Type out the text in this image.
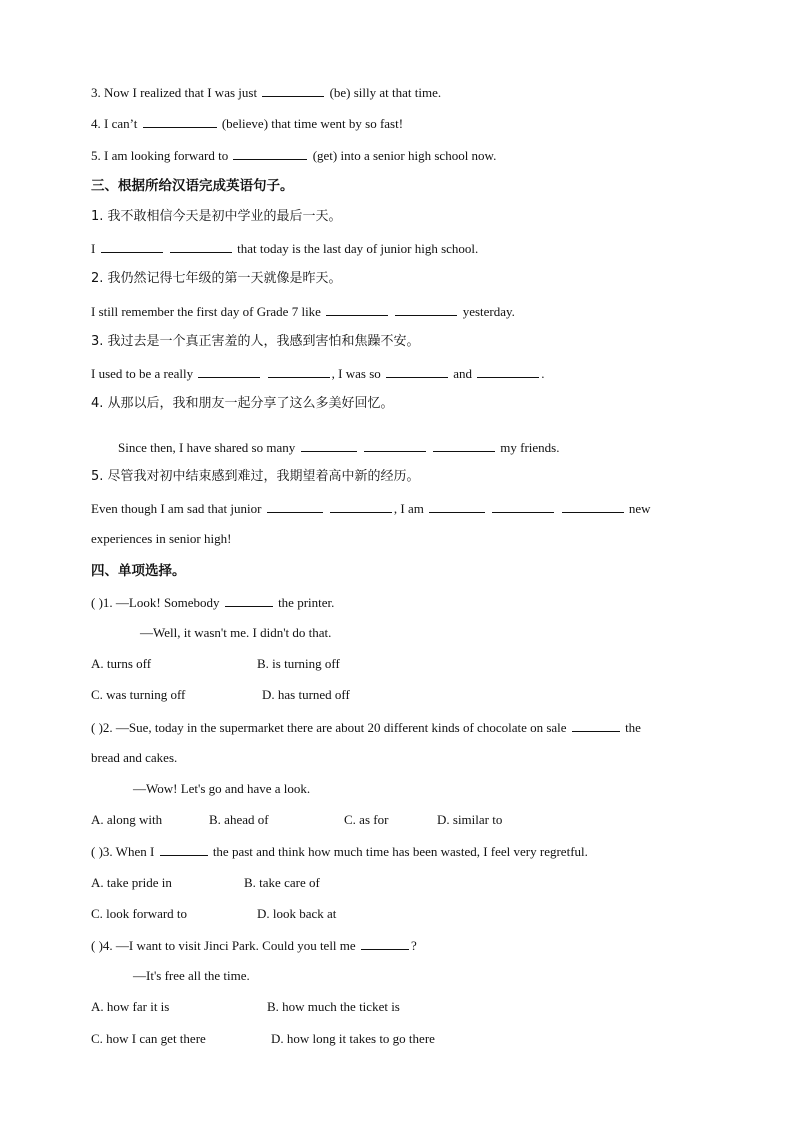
3. Now I realized that I was just	(be) silly at that time.
4. I can’t	(believe) that time went by so fast!
5. I am looking forward to	(get) into a senior high school now.
三、根据所给汉语完成英语句子。
1. 我不敢相信今天是初中学业的最后一天。
I	that today is the last day of junior high school.
2. 我仍然记得七年级的第一天就像是昨天。
I still remember the first day of Grade 7 like	yesterday.
3. 我过去是一个真正害羞的人，我感到害怕和焦躁不安。
I used to be a really	, I was so	and	.
4. 从那以后，我和朋友一起分享了这么多美好回忆。
Since then, I have shared so many	my friends.
5. 尽管我对初中结束感到难过，我期望着高中新的经历。
Even though I am sad that junior	, I am	new
experiences in senior high!
四、单项选择。
( )1. —Look! Somebody	the printer.
—Well, it wasn't me. I didn't do that.
A. turns off	B. is turning off
C. was turning off	D. has turned off
( )2. —Sue, today in the supermarket there are about 20 different kinds of chocolate on sale	the
bread and cakes.
—Wow! Let's go and have a look.
A. along with	B. ahead of	C. as for	D. similar to
( )3. When I	the past and think how much time has been wasted, I feel very regretful.
A. take pride in	B. take care of
C. look forward to	D. look back at
( )4. —I want to visit Jinci Park. Could you tell me	?
—It's free all the time.
A. how far it is	B. how much the ticket is
C. how I can get there	D. how long it takes to go there
